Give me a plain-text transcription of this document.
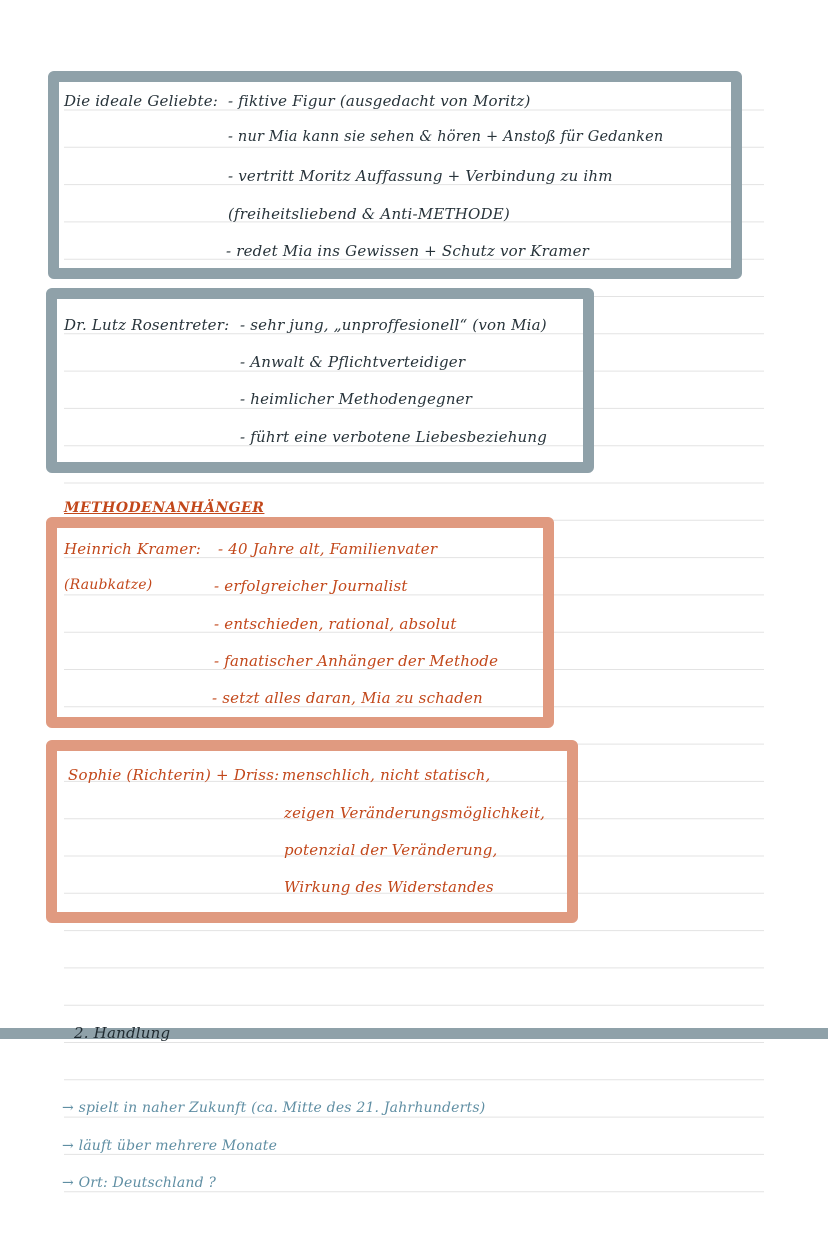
Die ideale Geliebte: - fiktive Figur (ausgedacht von Moritz)
- nur Mia kann sie sehen & hören + Anstoß für Gedanken
- vertritt Moritz Auffassung + Verbindung zu ihm
(freiheitsliebend & Anti-METHODE)
- redet Mia ins Gewissen + Schutz vor Kramer
Dr. Lutz Rosentreter: - sehr jung, „unproffesionell“ (von Mia)
- Anwalt & Pflichtverteidiger
- heimlicher Methodengegner
- führt eine verbotene Liebesbeziehung
METHODENANHÄNGER
Heinrich Kramer:
(Raubkatze)
- 40 Jahre alt, Familienvater
- erfolgreicher Journalist
- entschieden, rational, absolut
- fanatischer Anhänger der Methode
- setzt alles daran, Mia zu schaden
Sophie (Richterin) + Driss: menschlich, nicht statisch,
zeigen Veränderungsmöglichkeit,
potenzial der Veränderung,
Wirkung des Widerstandes
2. Handlung
→ spielt in naher Zukunft (ca. Mitte des 21. Jahrhunderts)
→ läuft über mehrere Monate
→ Ort: Deutschland ?
